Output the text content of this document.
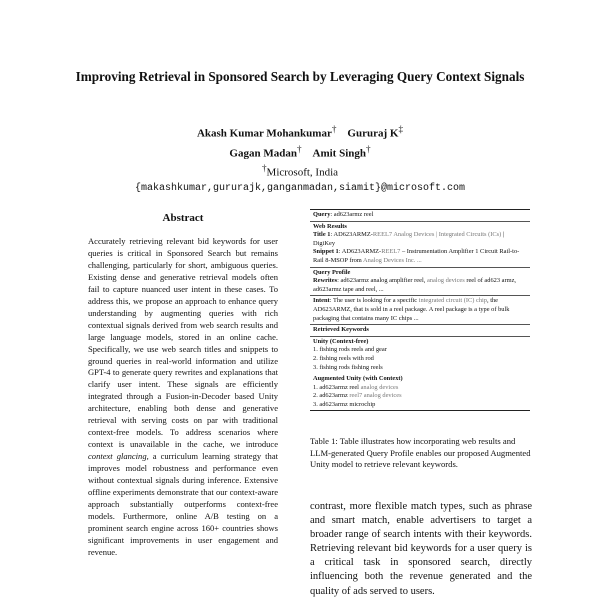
Improving Retrieval in Sponsored Search by Leveraging Query Context Signals
Akash Kumar Mohankumar† Gururaj K‡
Gagan Madan† Amit Singh†
†Microsoft, India
{makashkumar,gururajk,ganganmadan,siamit}@microsoft.com
Abstract

Accurately retrieving relevant bid keywords for user queries is critical in Sponsored Search but remains challenging, particularly for short, ambiguous queries. Existing dense and generative retrieval models often fail to capture nuanced user intent in these cases. To address this, we propose an approach to enhance query understanding by augmenting queries with rich contextual signals derived from web search results and large language models, stored in an online cache. Specifically, we use web search titles and snippets to ground queries in real-world information and utilize GPT-4 to generate query rewrites and explanations that clarify user intent. These signals are efficiently integrated through a Fusion-in-Decoder based Unity architecture, enabling both dense and generative retrieval with serving costs on par with traditional context-free models. To address scenarios where context is unavailable in the cache, we introduce context glancing, a curriculum learning strategy that improves model robustness and performance even without contextual signals during inference. Extensive offline experiments demonstrate that our context-aware approach substantially outperforms context-free models. Furthermore, online A/B testing on a prominent search engine across 160+ countries shows significant improvements in user engagement and revenue.

Query: ad623armz reel
Web Results
Title 1: AD623ARMZ-REEL7 Analog Devices | Integrated Circuits (ICs) | DigiKey
Snippet 1: AD623ARMZ-REEL7 – Instrumentation Amplifier 1 Circuit Rail-to-Rail 8-MSOP from Analog Devices Inc. ...
Query Profile
Rewrites: ad623armz analog amplifier reel, analog devices reel of ad623 armz, ad623armz tape and reel, ...
Intent: The user is looking for a specific integrated circuit (IC) chip, the AD623ARMZ, that is sold in a reel package. A reel package is a type of bulk packaging that contains many IC chips ...
Retrieved Keywords
Unity (Context-free)
1. fishing rods reels and gear
2. fishing reels with rod
3. fishing rods fishing reels
Augmented Unity (with Context)
1. ad623armz reel analog devices
2. ad623armz reel7 analog devices
3. ad623armz microchip

Table 1: Table illustrates how incorporating web results and LLM-generated Query Profile enables our proposed Augmented Unity model to retrieve relevant keywords.

contrast, more flexible match types, such as phrase and smart match, enable advertisers to target a broader range of search intents with their keywords. Retrieving relevant bid keywords for a user query is a critical task in sponsored search, directly influencing both the revenue generated and the quality of ads served to users.
